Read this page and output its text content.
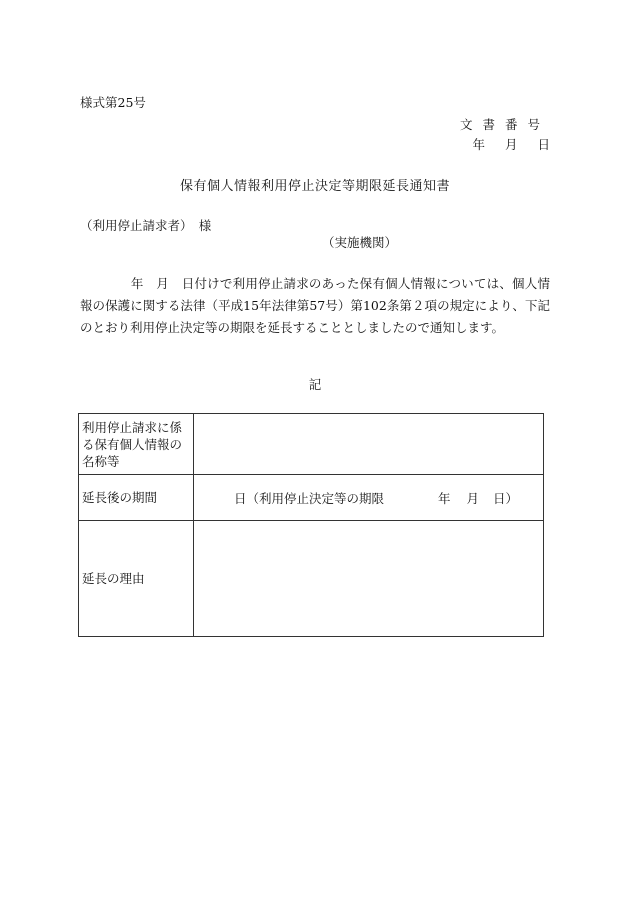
様式第25号
文書番号
年 月 日
保有個人情報利用停止決定等期限延長通知書
（利用停止請求者）　様
（実施機関）
　　　　年　月　日付けで利用停止請求のあった保有個人情報については、個人情報の保護に関する法律（平成15年法律第57号）第102条第２項の規定により、下記のとおり利用停止決定等の期限を延長することとしましたので通知します。
記
利用停止請求に係る保有個人情報の名称等	
延長後の期間	日（利用停止決定等の期限 年 月 日）
延長の理由	
